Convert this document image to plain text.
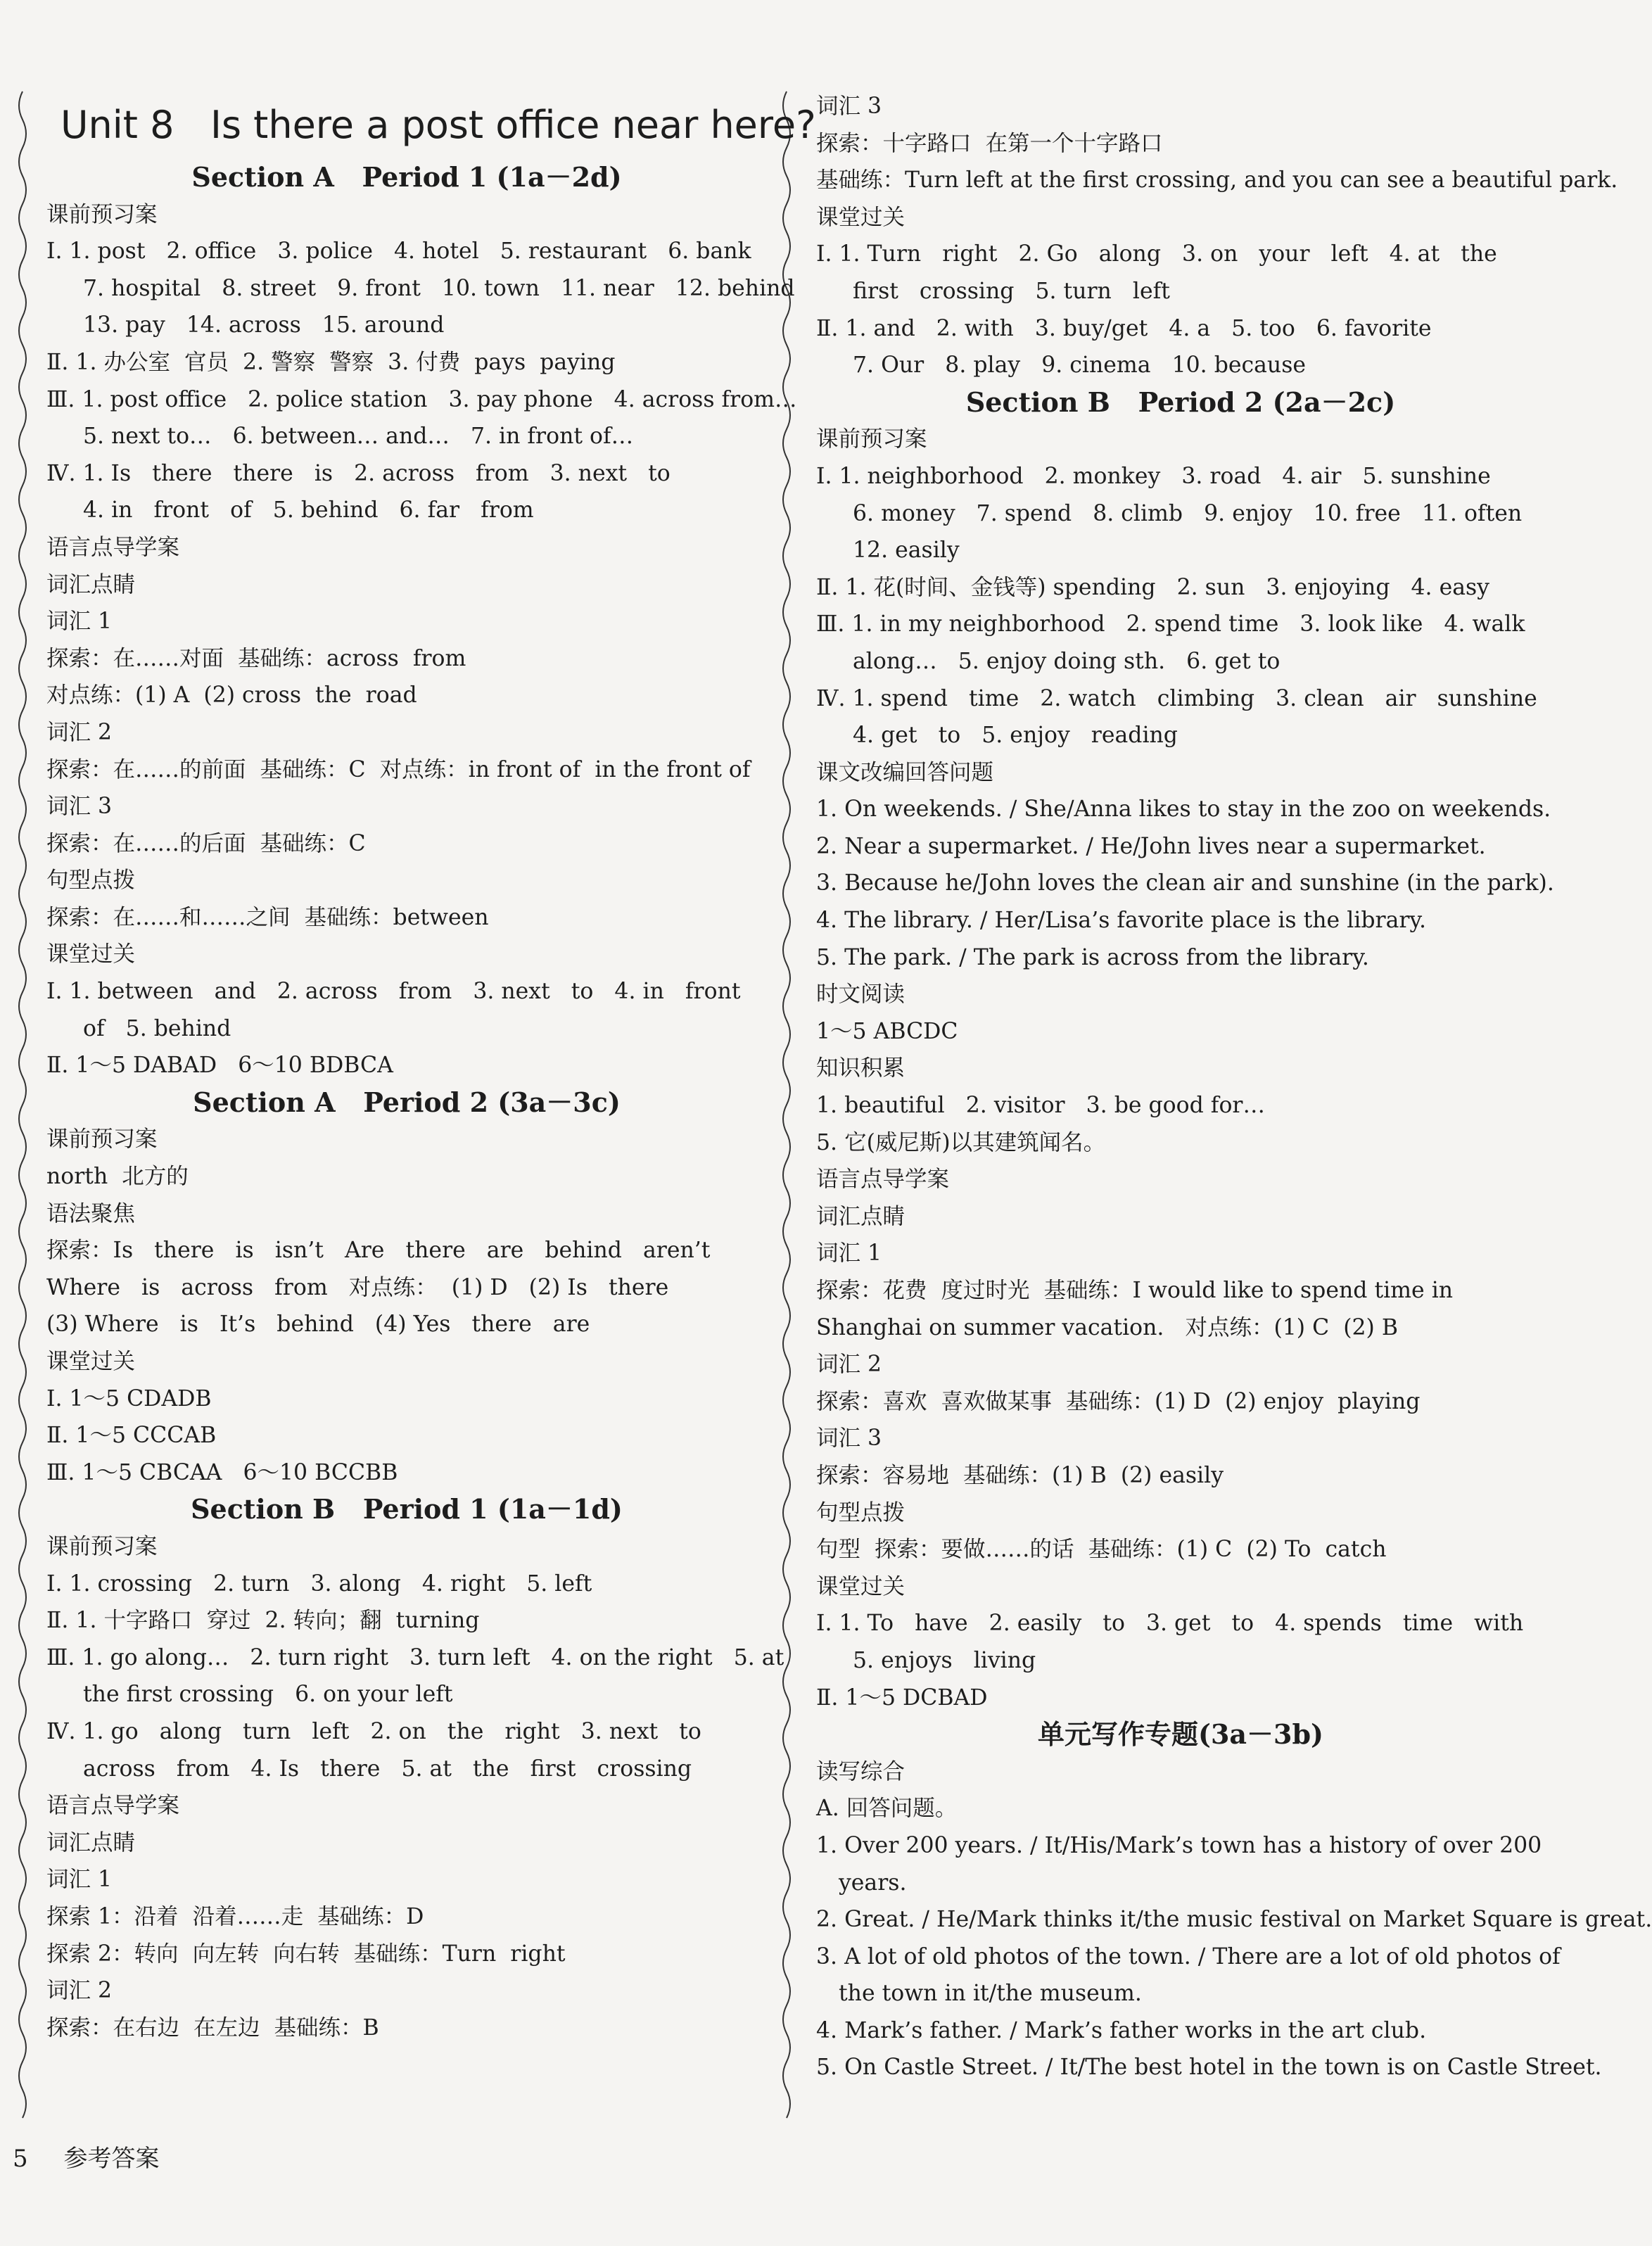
Unit 8   Is there a post office near here?
Section A   Period 1 (1a－2d)
课前预习案
Ⅰ. 1. post   2. office   3. police   4. hotel   5. restaurant   6. bank
7. hospital   8. street   9. front   10. town   11. near   12. behind
13. pay   14. across   15. around
Ⅱ. 1. 办公室  官员  2. 警察  警察  3. 付费  pays  paying
Ⅲ. 1. post office   2. police station   3. pay phone   4. across from…
5. next to…   6. between… and…   7. in front of…
Ⅳ. 1. Is   there   there   is   2. across   from   3. next   to
4. in   front   of   5. behind   6. far   from
语言点导学案
词汇点睛
词汇 1
探索：在……对面  基础练：across  from
对点练：(1) A  (2) cross  the  road
词汇 2
探索：在……的前面  基础练：C  对点练：in front of  in the front of
词汇 3
探索：在……的后面  基础练：C
句型点拨
探索：在……和……之间  基础练：between
课堂过关
Ⅰ. 1. between   and   2. across   from   3. next   to   4. in   front
of   5. behind
Ⅱ. 1～5 DABAD   6～10 BDBCA
Section A   Period 2 (3a－3c)
课前预习案
north  北方的
语法聚焦
探索：Is   there   is   isn’t   Are   there   are   behind   aren’t
Where   is   across   from   对点练：  (1) D   (2) Is   there
(3) Where   is   It’s   behind   (4) Yes   there   are
课堂过关
Ⅰ. 1～5 CDADB
Ⅱ. 1～5 CCCAB
Ⅲ. 1～5 CBCAA   6～10 BCCBB
Section B   Period 1 (1a－1d)
课前预习案
Ⅰ. 1. crossing   2. turn   3. along   4. right   5. left
Ⅱ. 1. 十字路口  穿过  2. 转向；翻  turning
Ⅲ. 1. go along…   2. turn right   3. turn left   4. on the right   5. at
the first crossing   6. on your left
Ⅳ. 1. go   along   turn   left   2. on   the   right   3. next   to
across   from   4. Is   there   5. at   the   first   crossing
语言点导学案
词汇点睛
词汇 1
探索 1：沿着  沿着……走  基础练：D
探索 2：转向  向左转  向右转  基础练：Turn  right
词汇 2
探索：在右边  在左边  基础练：B
词汇 3
探索：十字路口  在第一个十字路口
基础练：Turn left at the first crossing, and you can see a beautiful park.
课堂过关
Ⅰ. 1. Turn   right   2. Go   along   3. on   your   left   4. at   the
first   crossing   5. turn   left
Ⅱ. 1. and   2. with   3. buy/get   4. a   5. too   6. favorite
7. Our   8. play   9. cinema   10. because
Section B   Period 2 (2a－2c)
课前预习案
Ⅰ. 1. neighborhood   2. monkey   3. road   4. air   5. sunshine
6. money   7. spend   8. climb   9. enjoy   10. free   11. often
12. easily
Ⅱ. 1. 花(时间、金钱等) spending   2. sun   3. enjoying   4. easy
Ⅲ. 1. in my neighborhood   2. spend time   3. look like   4. walk
along…   5. enjoy doing sth.   6. get to
Ⅳ. 1. spend   time   2. watch   climbing   3. clean   air   sunshine
4. get   to   5. enjoy   reading
课文改编回答问题
1. On weekends. / She/Anna likes to stay in the zoo on weekends.
2. Near a supermarket. / He/John lives near a supermarket.
3. Because he/John loves the clean air and sunshine (in the park).
4. The library. / Her/Lisa’s favorite place is the library.
5. The park. / The park is across from the library.
时文阅读
1～5 ABCDC
知识积累
1. beautiful   2. visitor   3. be good for…
5. 它(威尼斯)以其建筑闻名。
语言点导学案
词汇点睛
词汇 1
探索：花费  度过时光  基础练：I would like to spend time in
Shanghai on summer vacation.   对点练：(1) C  (2) B
词汇 2
探索：喜欢  喜欢做某事  基础练：(1) D  (2) enjoy  playing
词汇 3
探索：容易地  基础练：(1) B  (2) easily
句型点拨
句型  探索：要做……的话  基础练：(1) C  (2) To  catch
课堂过关
Ⅰ. 1. To   have   2. easily   to   3. get   to   4. spends   time   with
5. enjoys   living
Ⅱ. 1～5 DCBAD
单元写作专题(3a－3b)
读写综合
A. 回答问题。
1. Over 200 years. / It/His/Mark’s town has a history of over 200
years.
2. Great. / He/Mark thinks it/the music festival on Market Square is great.
3. A lot of old photos of the town. / There are a lot of old photos of
the town in it/the museum.
4. Mark’s father. / Mark’s father works in the art club.
5. On Castle Street. / It/The best hotel in the town is on Castle Street.
5 参考答案
